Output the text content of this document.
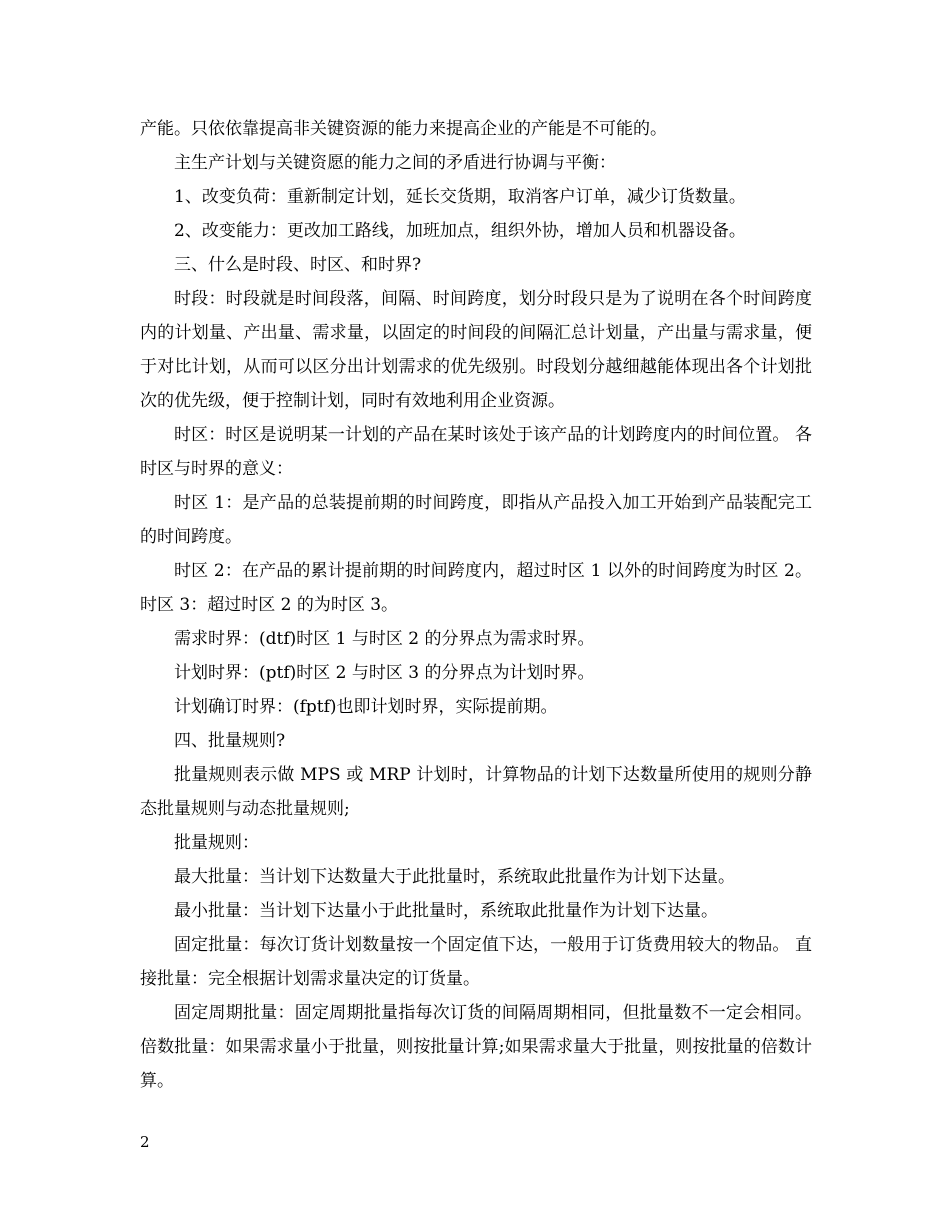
产能。只依依靠提高非关键资源的能力来提高企业的产能是不可能的。

主生产计划与关键资愿的能力之间的矛盾进行协调与平衡：

1、改变负荷：重新制定计划，延长交货期，取消客户订单，减少订货数量。

2、改变能力：更改加工路线，加班加点，组织外协，增加人员和机器设备。

三、什么是时段、时区、和时界?

时段：时段就是时间段落，间隔、时间跨度，划分时段只是为了说明在各个时间跨度内的计划量、产出量、需求量，以固定的时间段的间隔汇总计划量，产出量与需求量，便于对比计划，从而可以区分出计划需求的优先级别。时段划分越细越能体现出各个计划批次的优先级，便于控制计划，同时有效地利用企业资源。

时区：时区是说明某一计划的产品在某时该处于该产品的计划跨度内的时间位置。 各时区与时界的意义：

时区 1：是产品的总装提前期的时间跨度，即指从产品投入加工开始到产品装配完工的时间跨度。

时区 2：在产品的累计提前期的时间跨度内，超过时区 1 以外的时间跨度为时区 2。 时区 3：超过时区 2 的为时区 3。

需求时界：(dtf)时区 1 与时区 2 的分界点为需求时界。

计划时界：(ptf)时区 2 与时区 3 的分界点为计划时界。

计划确订时界：(fptf)也即计划时界，实际提前期。

四、批量规则?

批量规则表示做 MPS 或 MRP 计划时，计算物品的计划下达数量所使用的规则分静态批量规则与动态批量规则;

批量规则：

最大批量：当计划下达数量大于此批量时，系统取此批量作为计划下达量。

最小批量：当计划下达量小于此批量时，系统取此批量作为计划下达量。

固定批量：每次订货计划数量按一个固定值下达，一般用于订货费用较大的物品。 直接批量：完全根据计划需求量决定的订货量。

固定周期批量：固定周期批量指每次订货的间隔周期相同，但批量数不一定会相同。 倍数批量：如果需求量小于批量，则按批量计算;如果需求量大于批量，则按批量的倍数计算。

2
